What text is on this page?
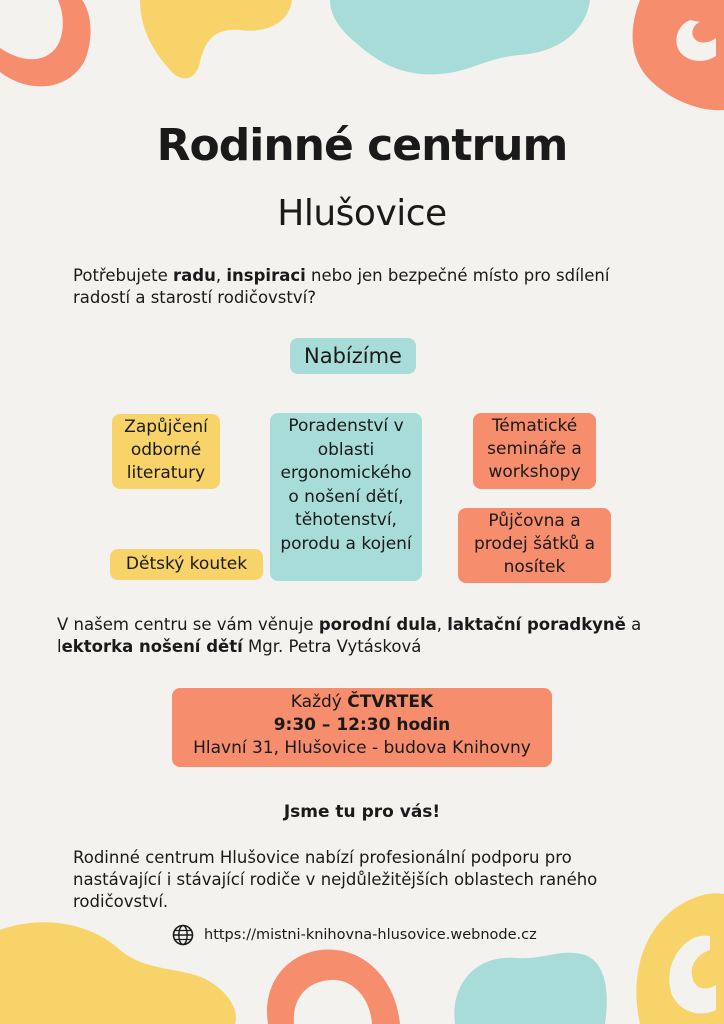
Rodinné centrum
Hlušovice
Potřebujete radu, inspiraci nebo jen bezpečné místo pro sdílení radostí a starostí rodičovství?
Nabízíme
Zapůjčení odborné literatury
Dětský koutek
Poradenství v oblasti ergonomického o nošení dětí, těhotenství, porodu a kojení
Tématické semináře a workshopy
Půjčovna a prodej šátků a nosítek
V našem centru se vám věnuje porodní dula, laktační poradkyně a lektorka nošení dětí Mgr. Petra Vytásková
Každý ČTVRTEK
9:30 – 12:30 hodin
Hlavní 31, Hlušovice - budova Knihovny
Jsme tu pro vás!
Rodinné centrum Hlušovice nabízí profesionální podporu pro nastávající i stávající rodiče v nejdůležitějších oblastech raného rodičovství.
https://mistni-knihovna-hlusovice.webnode.cz
